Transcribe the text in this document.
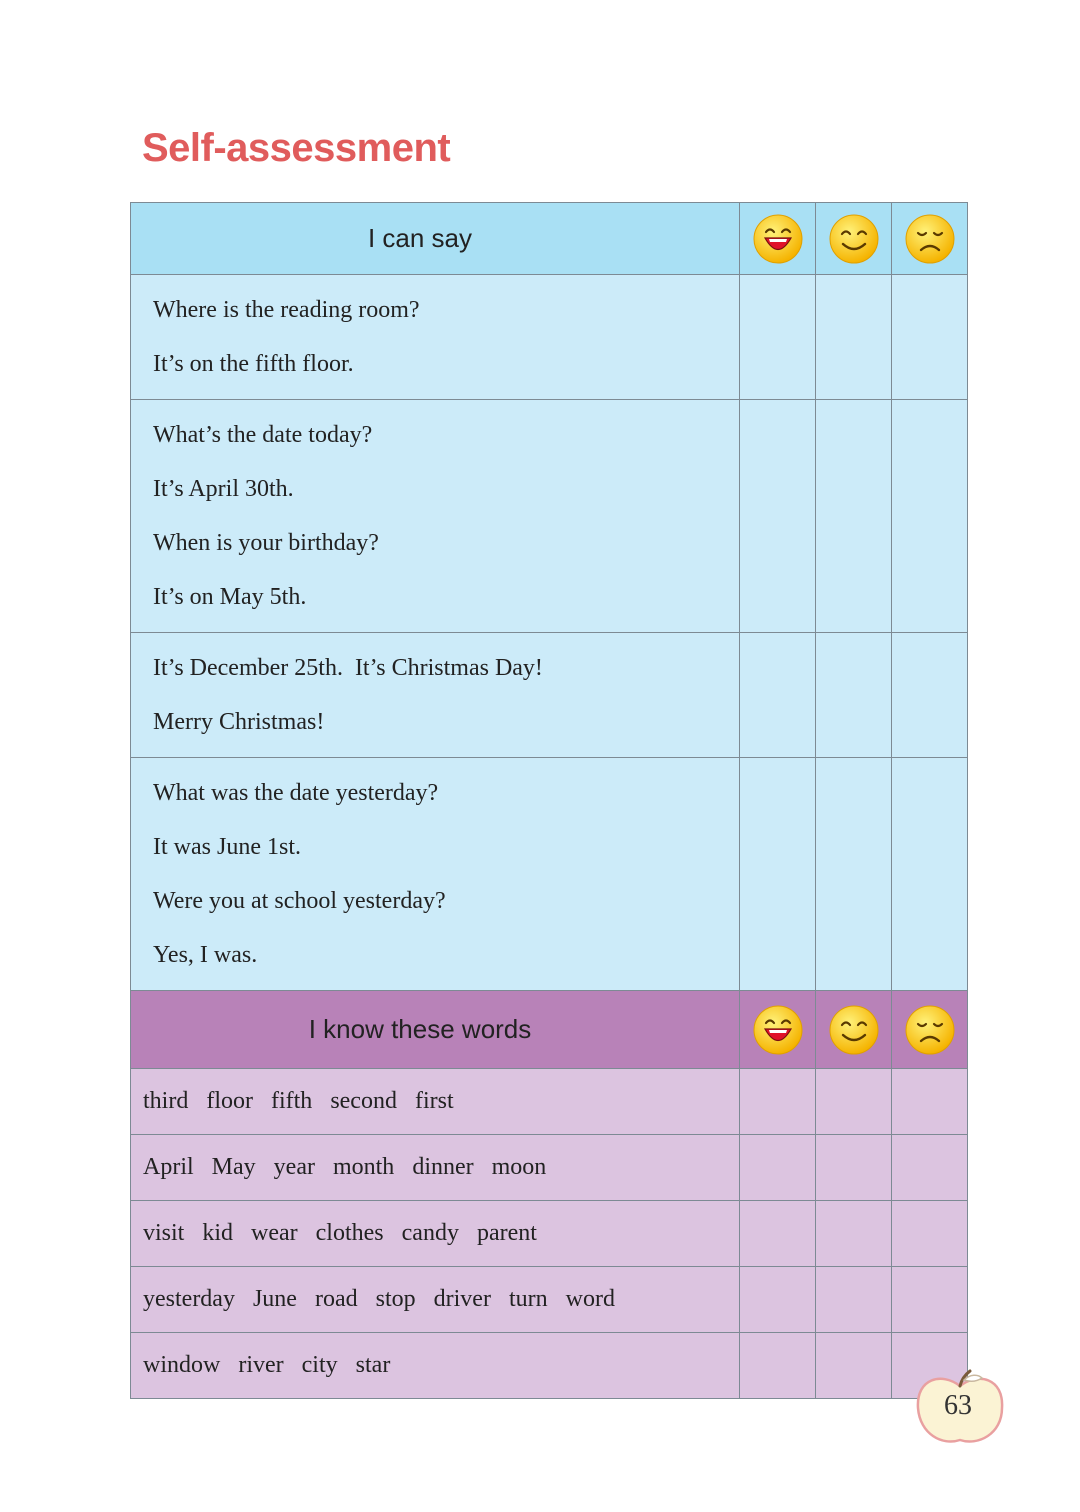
Self-assessment
I can say			

Where is the reading room?
It’s on the fifth floor.			

What’s the date today?
It’s April 30th.
When is your birthday?
It’s on May 5th.			

It’s December 25th.  It’s Christmas Day!
Merry Christmas!			

What was the date yesterday?
It was June 1st.
Were you at school yesterday?
Yes, I was.			

I know these words			
third floor fifth second first			
April May year month dinner moon			
visit kid wear clothes candy parent			
yesterday June road stop driver turn word			
window river city star			
63
